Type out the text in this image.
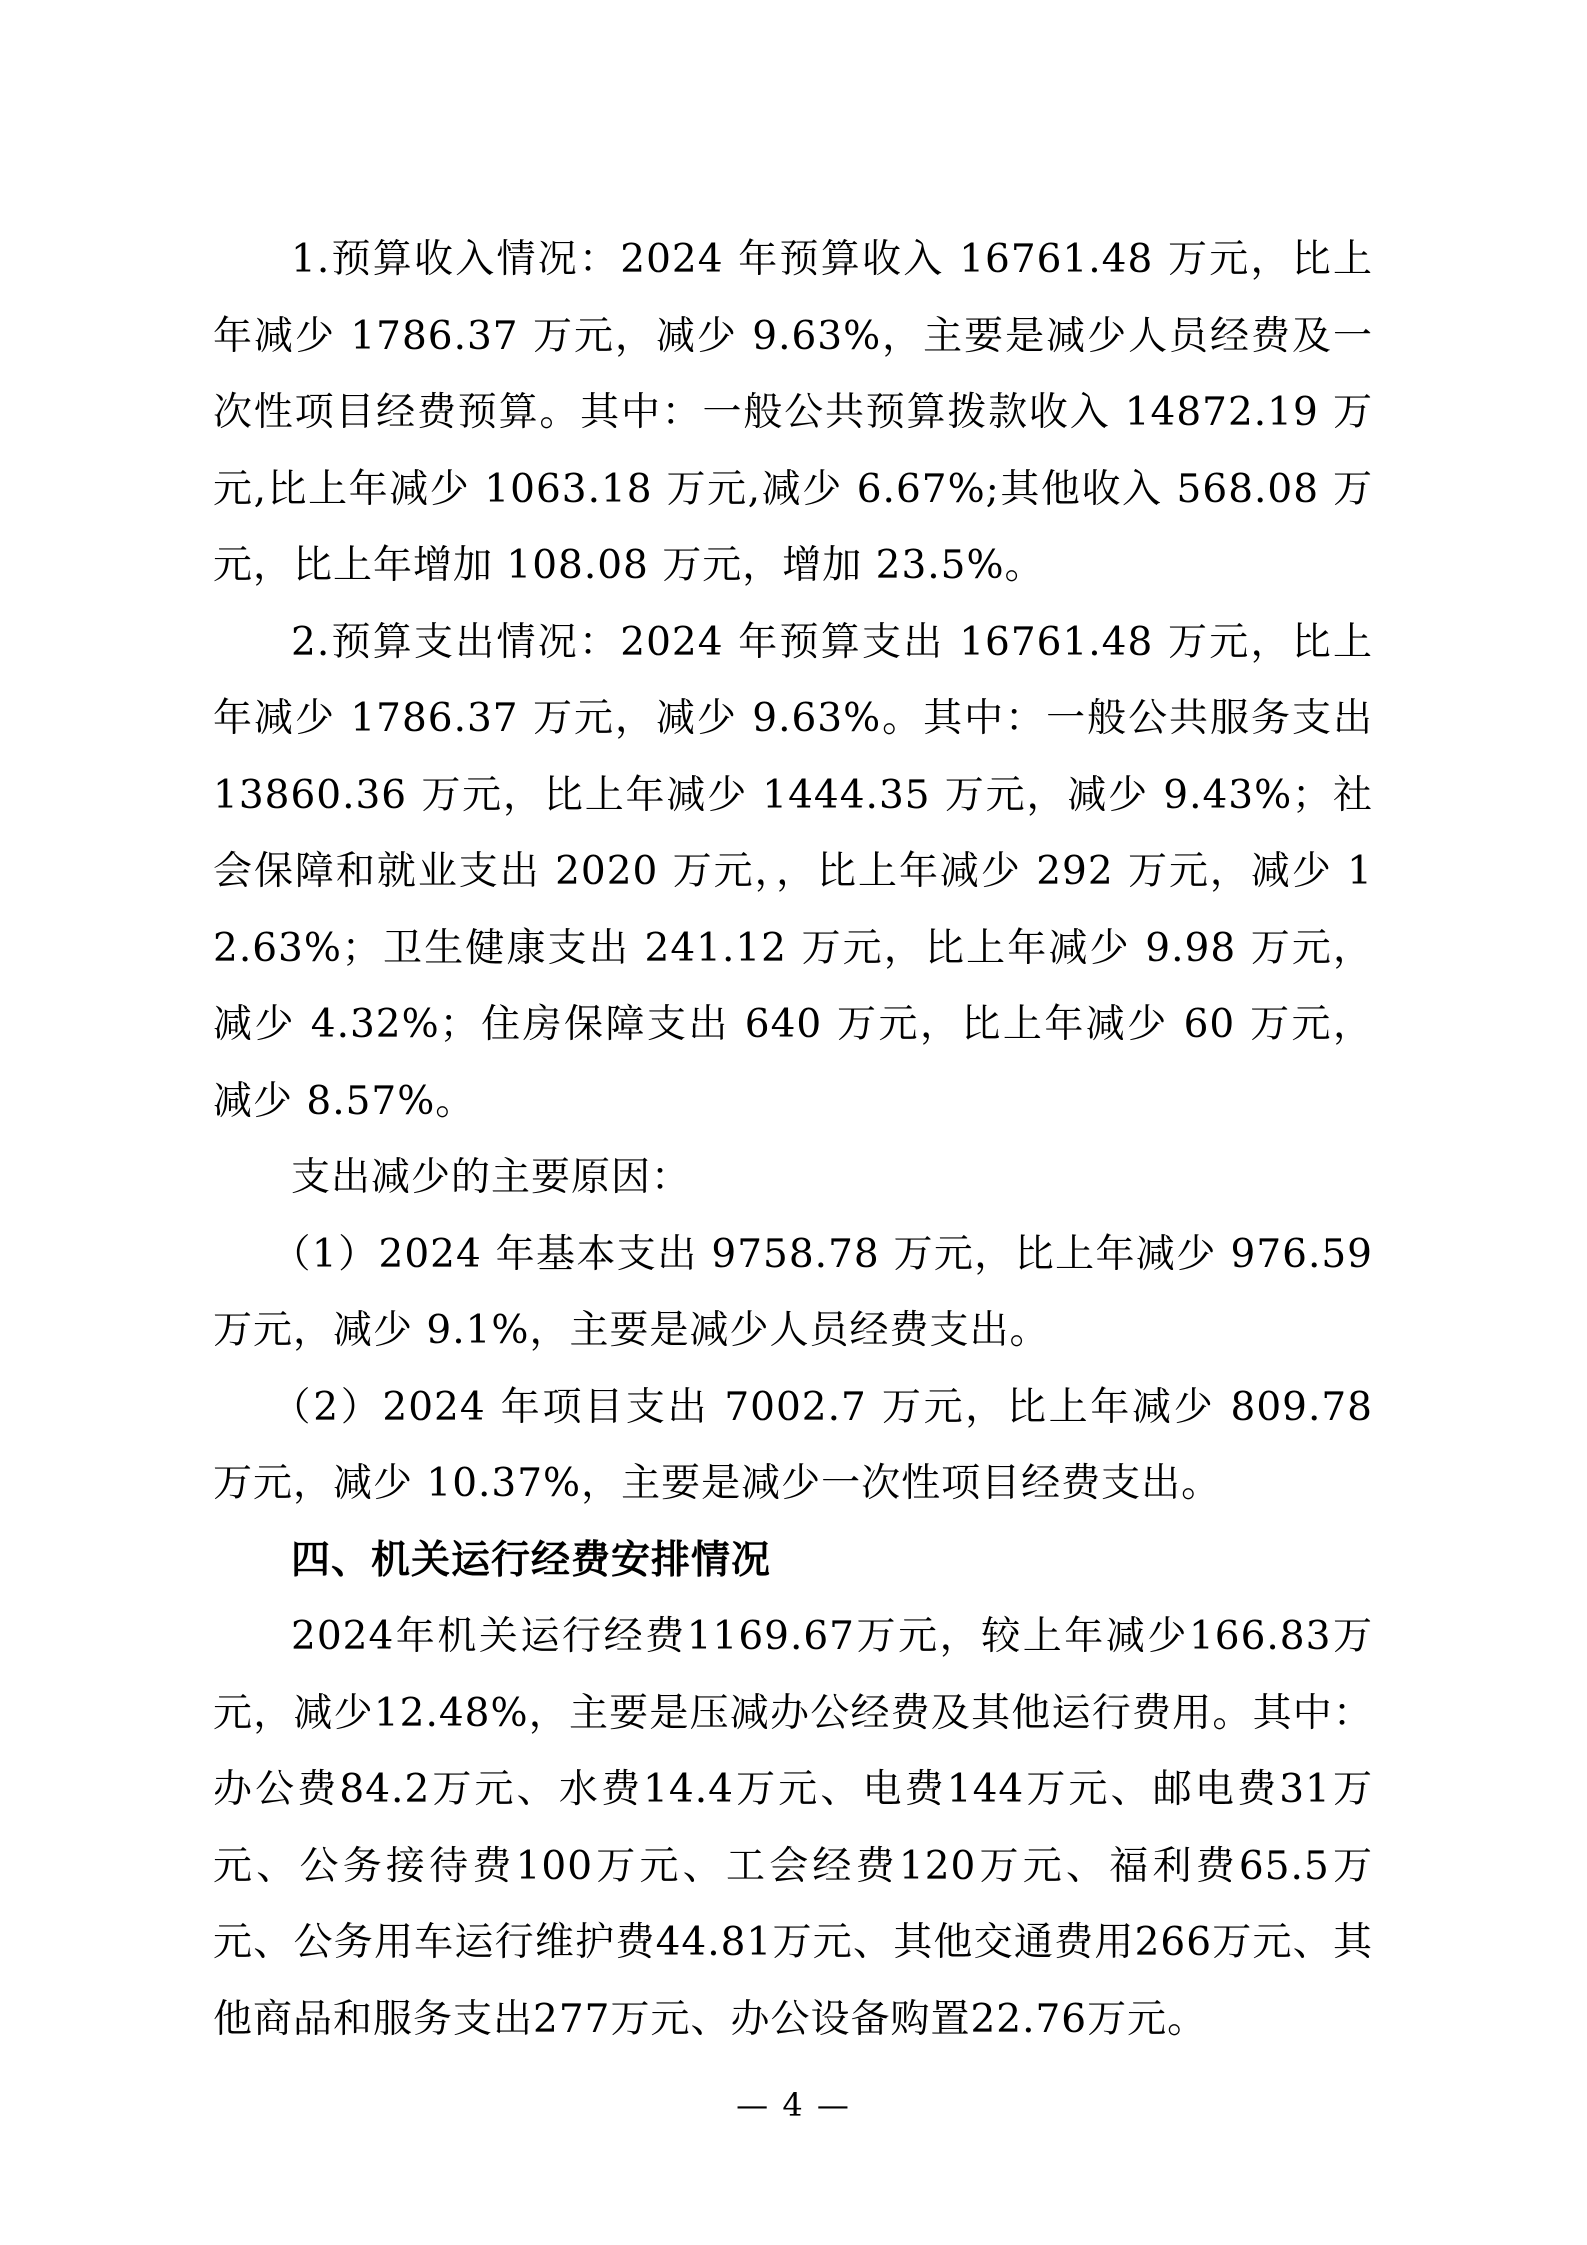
1.预算收入情况：2024 年预算收入 16761.48 万元，比上年减少 1786.37 万元，减少 9.63%，主要是减少人员经费及一次性项目经费预算。其中：一般公共预算拨款收入 14872.19 万元,比上年减少 1063.18 万元,减少 6.67%;其他收入 568.08 万元，比上年增加 108.08 万元，增加 23.5%。

2.预算支出情况：2024 年预算支出 16761.48 万元，比上年减少 1786.37 万元，减少 9.63%。其中：一般公共服务支出 13860.36 万元，比上年减少 1444.35 万元，减少 9.43%；社会保障和就业支出 2020 万元，，比上年减少 292 万元，减少 12.63%；卫生健康支出 241.12 万元，比上年减少 9.98 万元，减少 4.32%；住房保障支出 640 万元，比上年减少 60 万元，减少 8.57%。

支出减少的主要原因：

（1）2024 年基本支出 9758.78 万元，比上年减少 976.59 万元，减少 9.1%，主要是减少人员经费支出。

（2）2024 年项目支出 7002.7 万元，比上年减少 809.78 万元，减少 10.37%，主要是减少一次性项目经费支出。

四、机关运行经费安排情况

2024年机关运行经费1169.67万元，较上年减少166.83万元，减少12.48%，主要是压减办公经费及其他运行费用。其中：办公费84.2万元、水费14.4万元、电费144万元、邮电费31万元、公务接待费100万元、工会经费120万元、福利费65.5万元、公务用车运行维护费44.81万元、其他交通费用266万元、其他商品和服务支出277万元、办公设备购置22.76万元。

— 4 —
